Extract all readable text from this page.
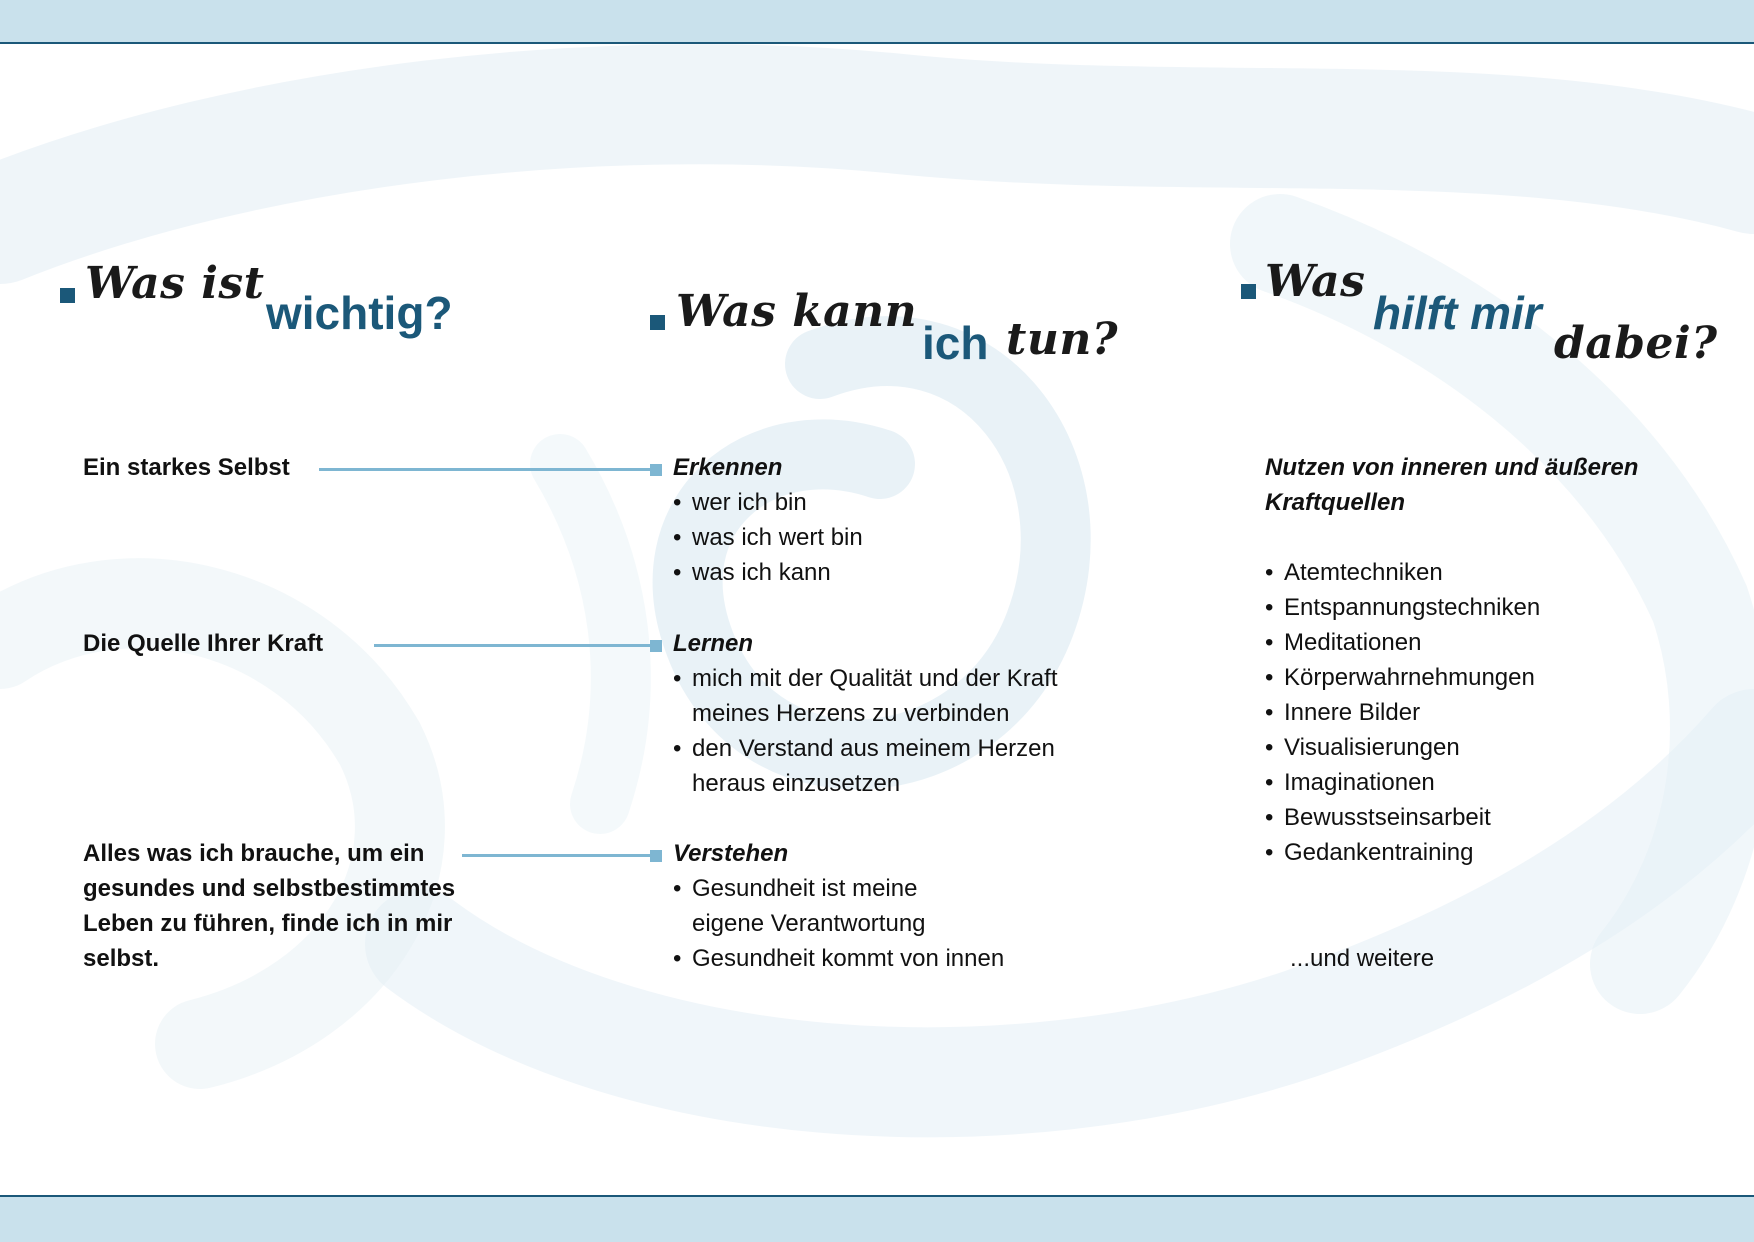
Was ist
wichtig?	Was kann
ich tun?
Was
hilft mir
dabei?
Ein starkes Selbst
Die Quelle Ihrer Kraft
Alles was ich brauche, um ein gesundes und selbstbestimmtes Leben zu führen, finde ich in mir selbst.
Erkennen
• wer ich bin
• was ich wert bin
• was ich kann
Lernen
• mich mit der Qualität und der Kraft meines Herzens zu verbinden
• den Verstand aus meinem Herzen heraus einzusetzen
Verstehen
• Gesundheit ist meine eigene Verantwortung
• Gesundheit kommt von innen
Nutzen von inneren und äußeren Kraftquellen
• Atemtechniken
• Entspannungstechniken
• Meditationen
• Körperwahrnehmungen
• Innere Bilder
• Visualisierungen
• Imaginationen
• Bewusstseinsarbeit
• Gedankentraining
...und weitere
